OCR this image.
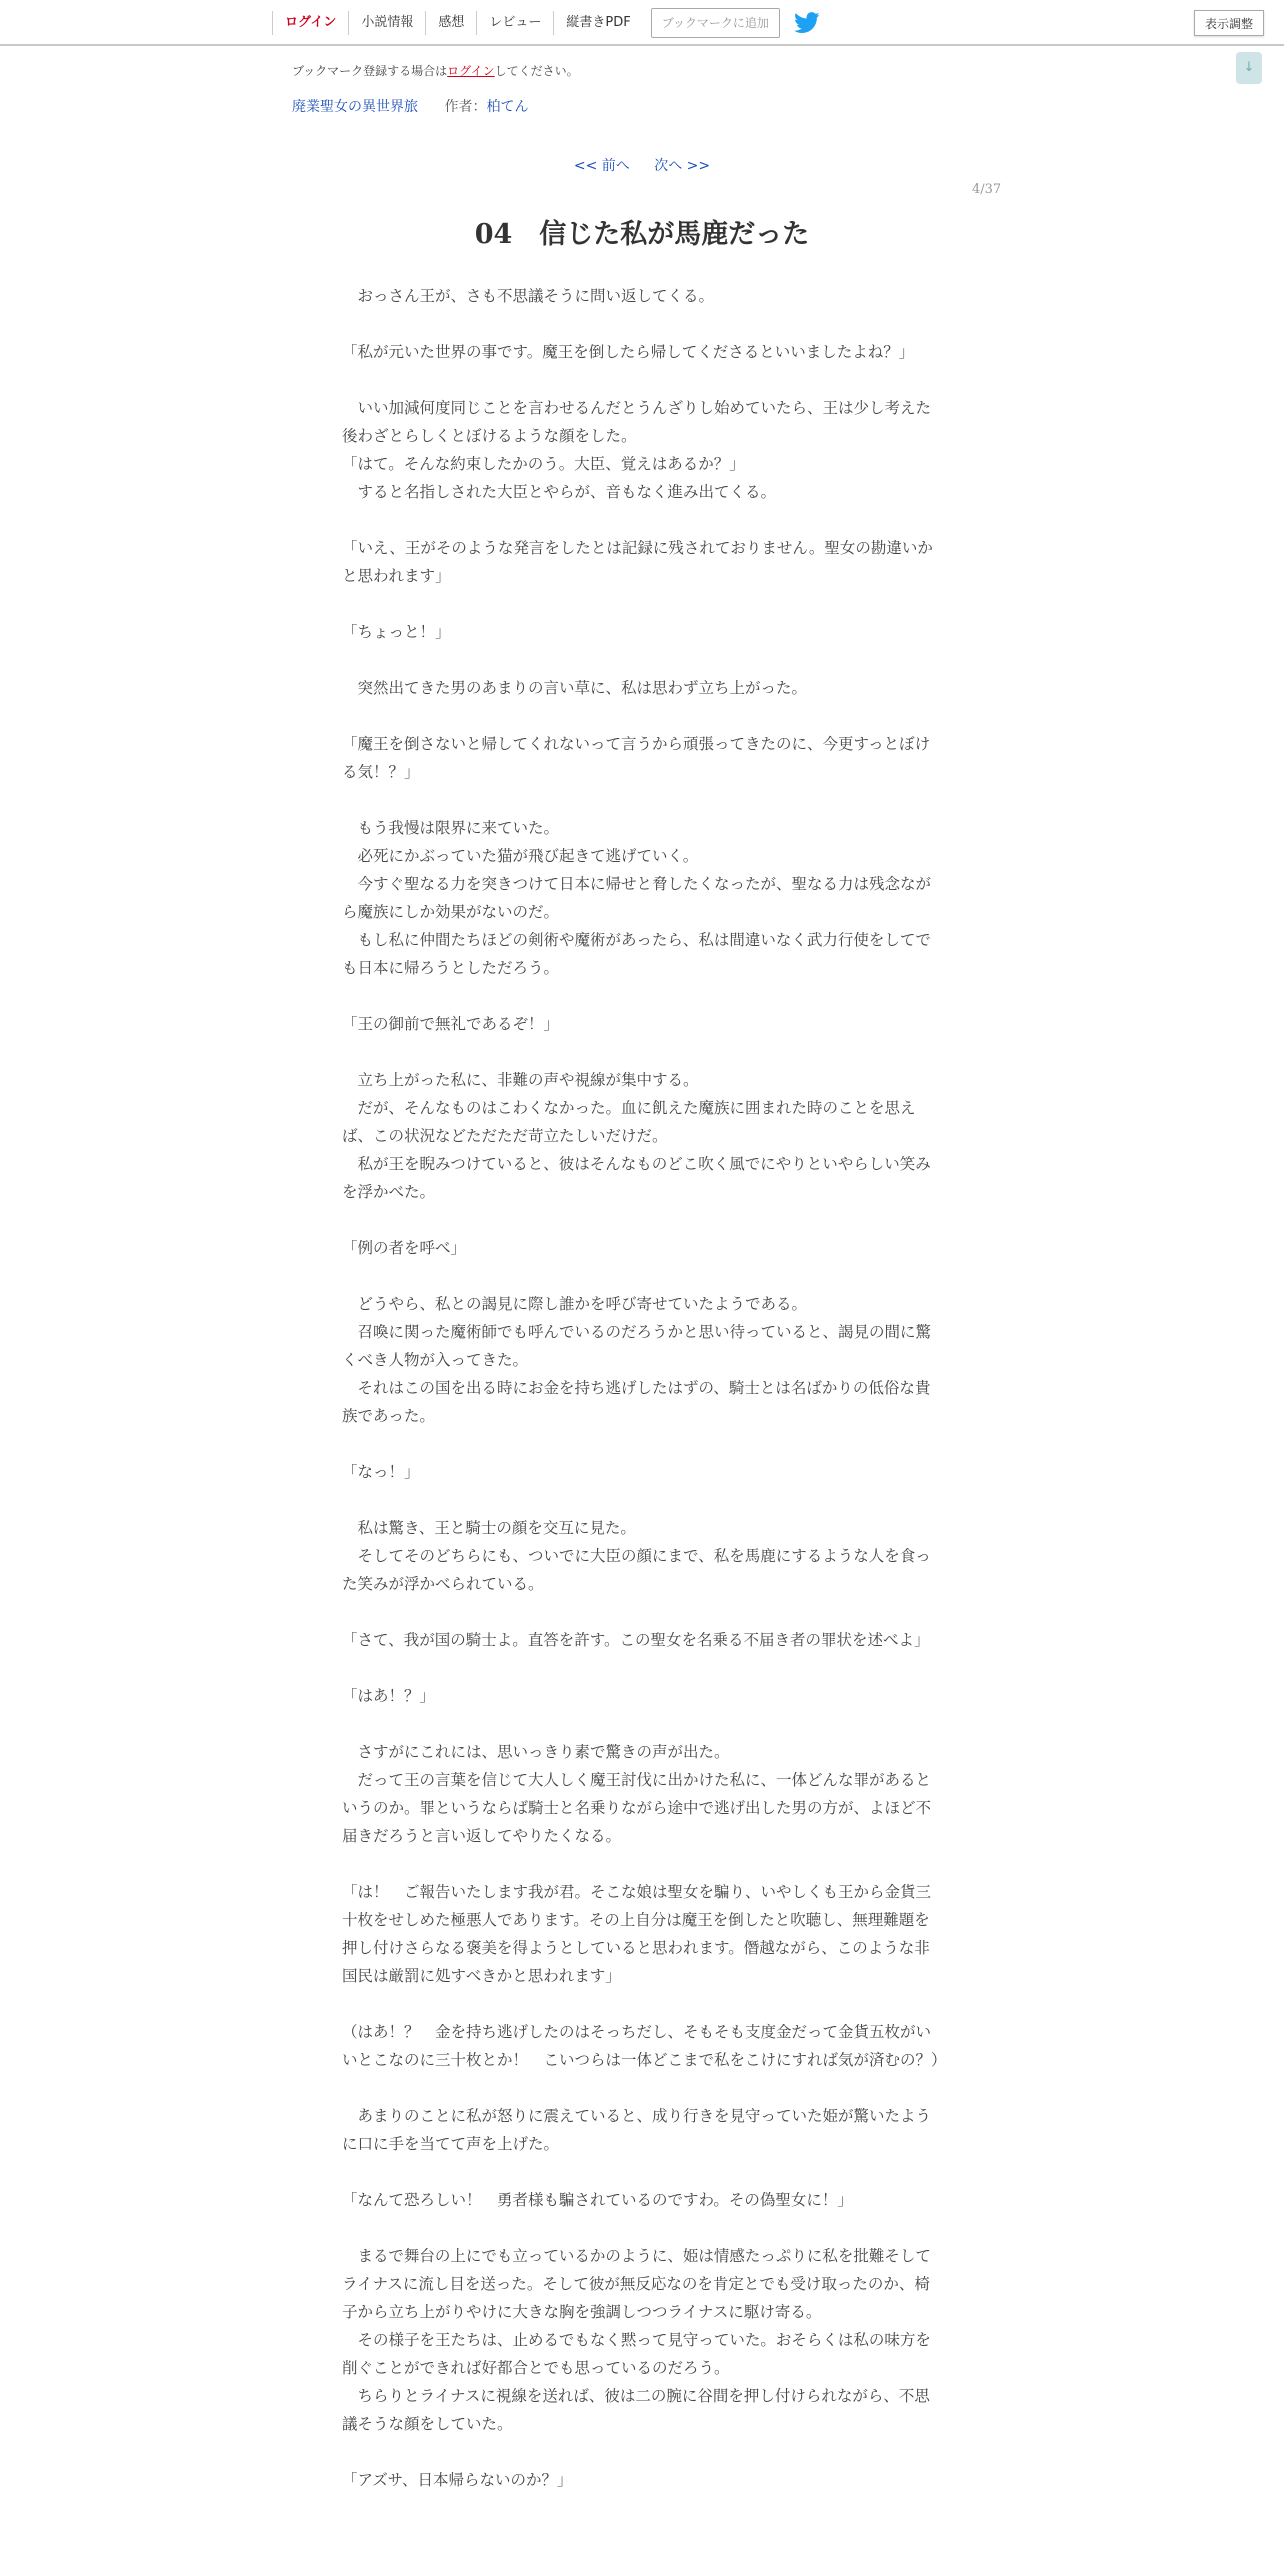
ログイン	小説情報	感想	レビュー	縦書きPDF	ブックマークに追加	表示調整
↓
ブックマーク登録する場合はログインしてください。
廃業聖女の異世界旅 作者：柏てん
<< 前へ 次へ >>
4/37
04　信じた私が馬鹿だった

　おっさん王が、さも不思議そうに問い返してくる。

「私が元いた世界の事です。魔王を倒したら帰してくださるといいましたよね？」

　いい加減何度同じことを言わせるんだとうんざりし始めていたら、王は少し考えた後わざとらしくとぼけるような顔をした。

「はて。そんな約束したかのう。大臣、覚えはあるか？」

　すると名指しされた大臣とやらが、音もなく進み出てくる。

「いえ、王がそのような発言をしたとは記録に残されておりません。聖女の勘違いかと思われます」

「ちょっと！」

　突然出てきた男のあまりの言い草に、私は思わず立ち上がった。

「魔王を倒さないと帰してくれないって言うから頑張ってきたのに、今更すっとぼける気！？」

　もう我慢は限界に来ていた。

　必死にかぶっていた猫が飛び起きて逃げていく。

　今すぐ聖なる力を突きつけて日本に帰せと脅したくなったが、聖なる力は残念ながら魔族にしか効果がないのだ。

　もし私に仲間たちほどの剣術や魔術があったら、私は間違いなく武力行使をしてでも日本に帰ろうとしただろう。

「王の御前で無礼であるぞ！」

　立ち上がった私に、非難の声や視線が集中する。

　だが、そんなものはこわくなかった。血に飢えた魔族に囲まれた時のことを思えば、この状況などただただ苛立たしいだけだ。

　私が王を睨みつけていると、彼はそんなものどこ吹く風でにやりといやらしい笑みを浮かべた。

「例の者を呼べ」

　どうやら、私との謁見に際し誰かを呼び寄せていたようである。

　召喚に関った魔術師でも呼んでいるのだろうかと思い待っていると、謁見の間に驚くべき人物が入ってきた。

　それはこの国を出る時にお金を持ち逃げしたはずの、騎士とは名ばかりの低俗な貴族であった。

「なっ！」

　私は驚き、王と騎士の顔を交互に見た。

　そしてそのどちらにも、ついでに大臣の顔にまで、私を馬鹿にするような人を食った笑みが浮かべられている。

「さて、我が国の騎士よ。直答を許す。この聖女を名乗る不届き者の罪状を述べよ」

「はあ！？」

　さすがにこれには、思いっきり素で驚きの声が出た。

　だって王の言葉を信じて大人しく魔王討伐に出かけた私に、一体どんな罪があるというのか。罪というならば騎士と名乗りながら途中で逃げ出した男の方が、よほど不届きだろうと言い返してやりたくなる。

「は！　ご報告いたします我が君。そこな娘は聖女を騙り、いやしくも王から金貨三十枚をせしめた極悪人であります。その上自分は魔王を倒したと吹聴し、無理難題を押し付けさらなる褒美を得ようとしていると思われます。僭越ながら、このような非国民は厳罰に処すべきかと思われます」

（はあ！？　金を持ち逃げしたのはそっちだし、そもそも支度金だって金貨五枚がいいとこなのに三十枚とか！　こいつらは一体どこまで私をこけにすれば気が済むの？）

　あまりのことに私が怒りに震えていると、成り行きを見守っていた姫が驚いたように口に手を当てて声を上げた。

「なんて恐ろしい！　勇者様も騙されているのですわ。その偽聖女に！」

　まるで舞台の上にでも立っているかのように、姫は情感たっぷりに私を批難そしてライナスに流し目を送った。そして彼が無反応なのを肯定とでも受け取ったのか、椅子から立ち上がりやけに大きな胸を強調しつつライナスに駆け寄る。

　その様子を王たちは、止めるでもなく黙って見守っていた。おそらくは私の味方を削ぐことができれば好都合とでも思っているのだろう。

　ちらりとライナスに視線を送れば、彼は二の腕に谷間を押し付けられながら、不思議そうな顔をしていた。

「アズサ、日本帰らないのか？」
